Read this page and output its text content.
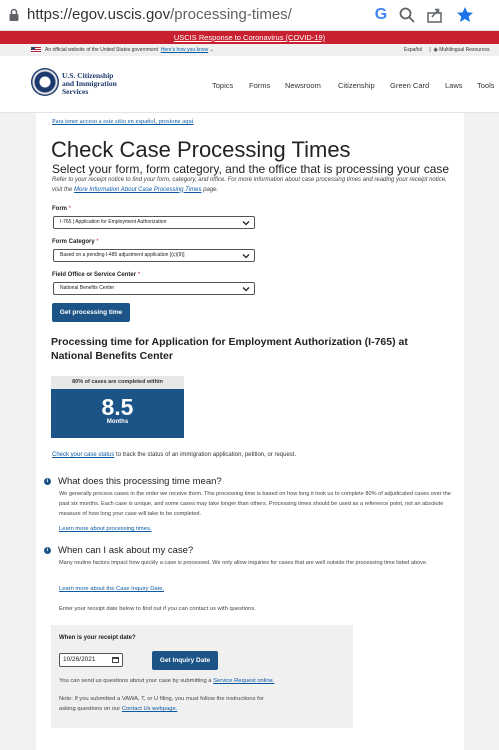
https://egov.uscis.gov/processing-times/	G
USCIS Response to Coronavirus (COVID-19)
An official website of the United States government Here's how you know ⌄	Español |  ◉ Multilingual Resources
U.S. Citizenship
and Immigration
Services
Topics Forms Newsroom Citizenship Green Card Laws Tools
Para tener acceso a este sitio en español, presione aquí
Check Case Processing Times
Select your form, form category, and the office that is processing your case
Refer to your receipt notice to find your form, category, and office. For more information about case processing times and reading your receipt notice, visit the More Information About Case Processing Times page.
Form *
I-765 | Application for Employment Authorization
Form Category *
Based on a pending I-485 adjustment application [(c)(9)]
Field Office or Service Center *
National Benefits Center
Get processing time
Processing time for Application for Employment Authorization (I-765) at National Benefits Center
80% of cases are completed within
8.5
Months
Check your case status to track the status of an immigration application, petition, or request.
i What does this processing time mean?
We generally process cases in the order we receive them. This processing time is based on how long it took us to complete 80% of adjudicated cases over the past six months. Each case is unique, and some cases may take longer than others. Processing times should be used as a reference point, not an absolute measure of how long your case will take to be completed.
Learn more about processing times.
i When can I ask about my case?
Many routine factors impact how quickly a case is processed. We only allow inquiries for cases that are well outside the processing time listed above.
Learn more about the Case Inquiry Date.
Enter your receipt date below to find out if you can contact us with questions.
When is your receipt date?
10/26/2021	Get Inquiry Date
You can send us questions about your case by submitting a Service Request online.
Note: If you submitted a VAWA, T, or U filing, you must follow the instructions for
asking questions on our Contact Us webpage.
